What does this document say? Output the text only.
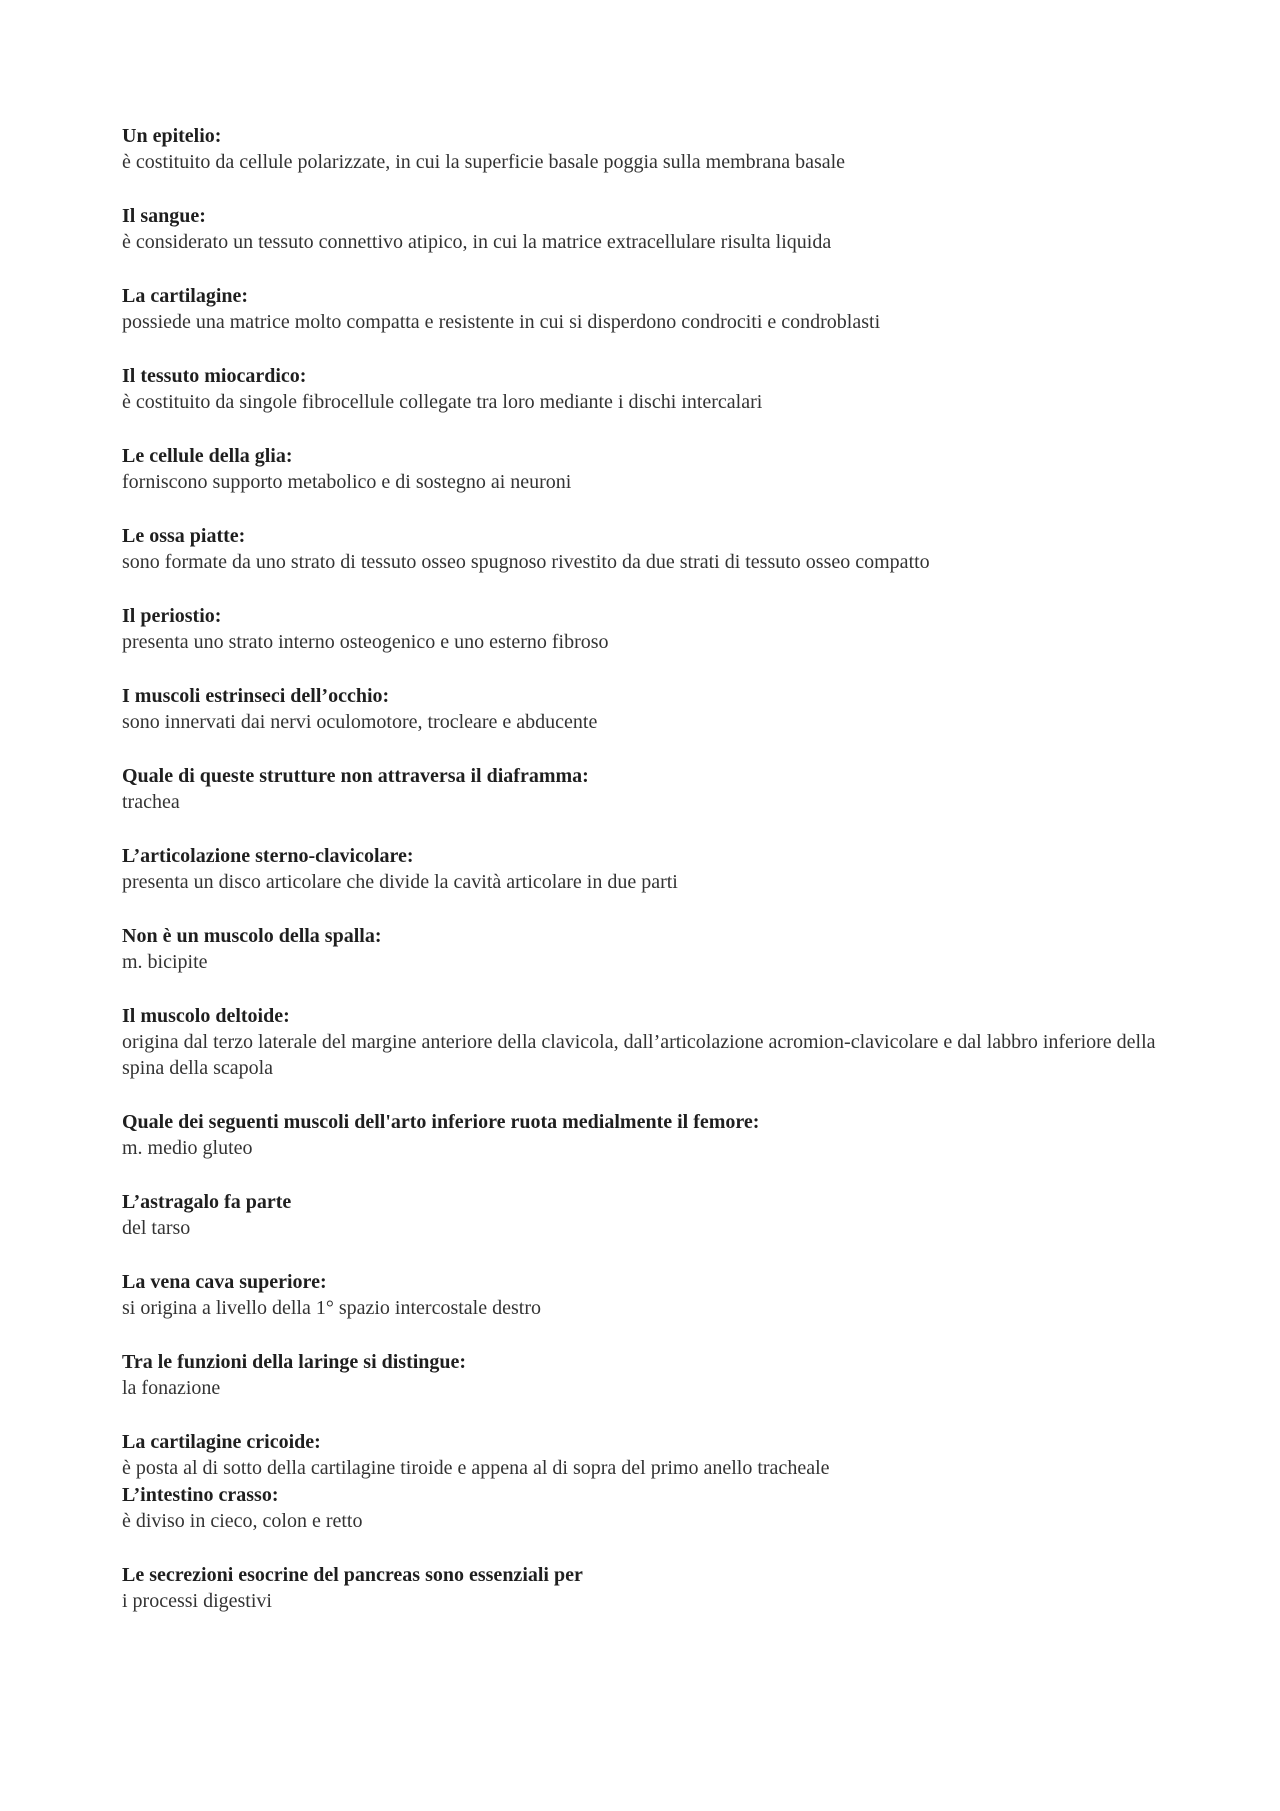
Un epitelio:

è costituito da cellule polarizzate, in cui la superficie basale poggia sulla membrana basale

Il sangue:

è considerato un tessuto connettivo atipico, in cui la matrice extracellulare risulta liquida

La cartilagine:

possiede una matrice molto compatta e resistente in cui si disperdono condrociti e condroblasti

Il tessuto miocardico:

è costituito da singole fibrocellule collegate tra loro mediante i dischi intercalari

Le cellule della glia:

forniscono supporto metabolico e di sostegno ai neuroni

Le ossa piatte:

sono formate da uno strato di tessuto osseo spugnoso rivestito da due strati di tessuto osseo compatto

Il periostio:

presenta uno strato interno osteogenico e uno esterno fibroso

I muscoli estrinseci dell’occhio:

sono innervati dai nervi oculomotore, trocleare e abducente

Quale di queste strutture non attraversa il diaframma:

trachea

L’articolazione sterno-clavicolare:

presenta un disco articolare che divide la cavità articolare in due parti

Non è un muscolo della spalla:

m. bicipite

Il muscolo deltoide:

origina dal terzo laterale del margine anteriore della clavicola, dall’articolazione acromion-clavicolare e dal labbro inferiore della spina della scapola

Quale dei seguenti muscoli dell'arto inferiore ruota medialmente il femore:

m. medio gluteo

L’astragalo fa parte

del tarso

La vena cava superiore:

si origina a livello della 1° spazio intercostale destro

Tra le funzioni della laringe si distingue:

la fonazione

La cartilagine cricoide:

è posta al di sotto della cartilagine tiroide e appena al di sopra del primo anello tracheale

L’intestino crasso:

è diviso in cieco, colon e retto

Le secrezioni esocrine del pancreas sono essenziali per

i processi digestivi
